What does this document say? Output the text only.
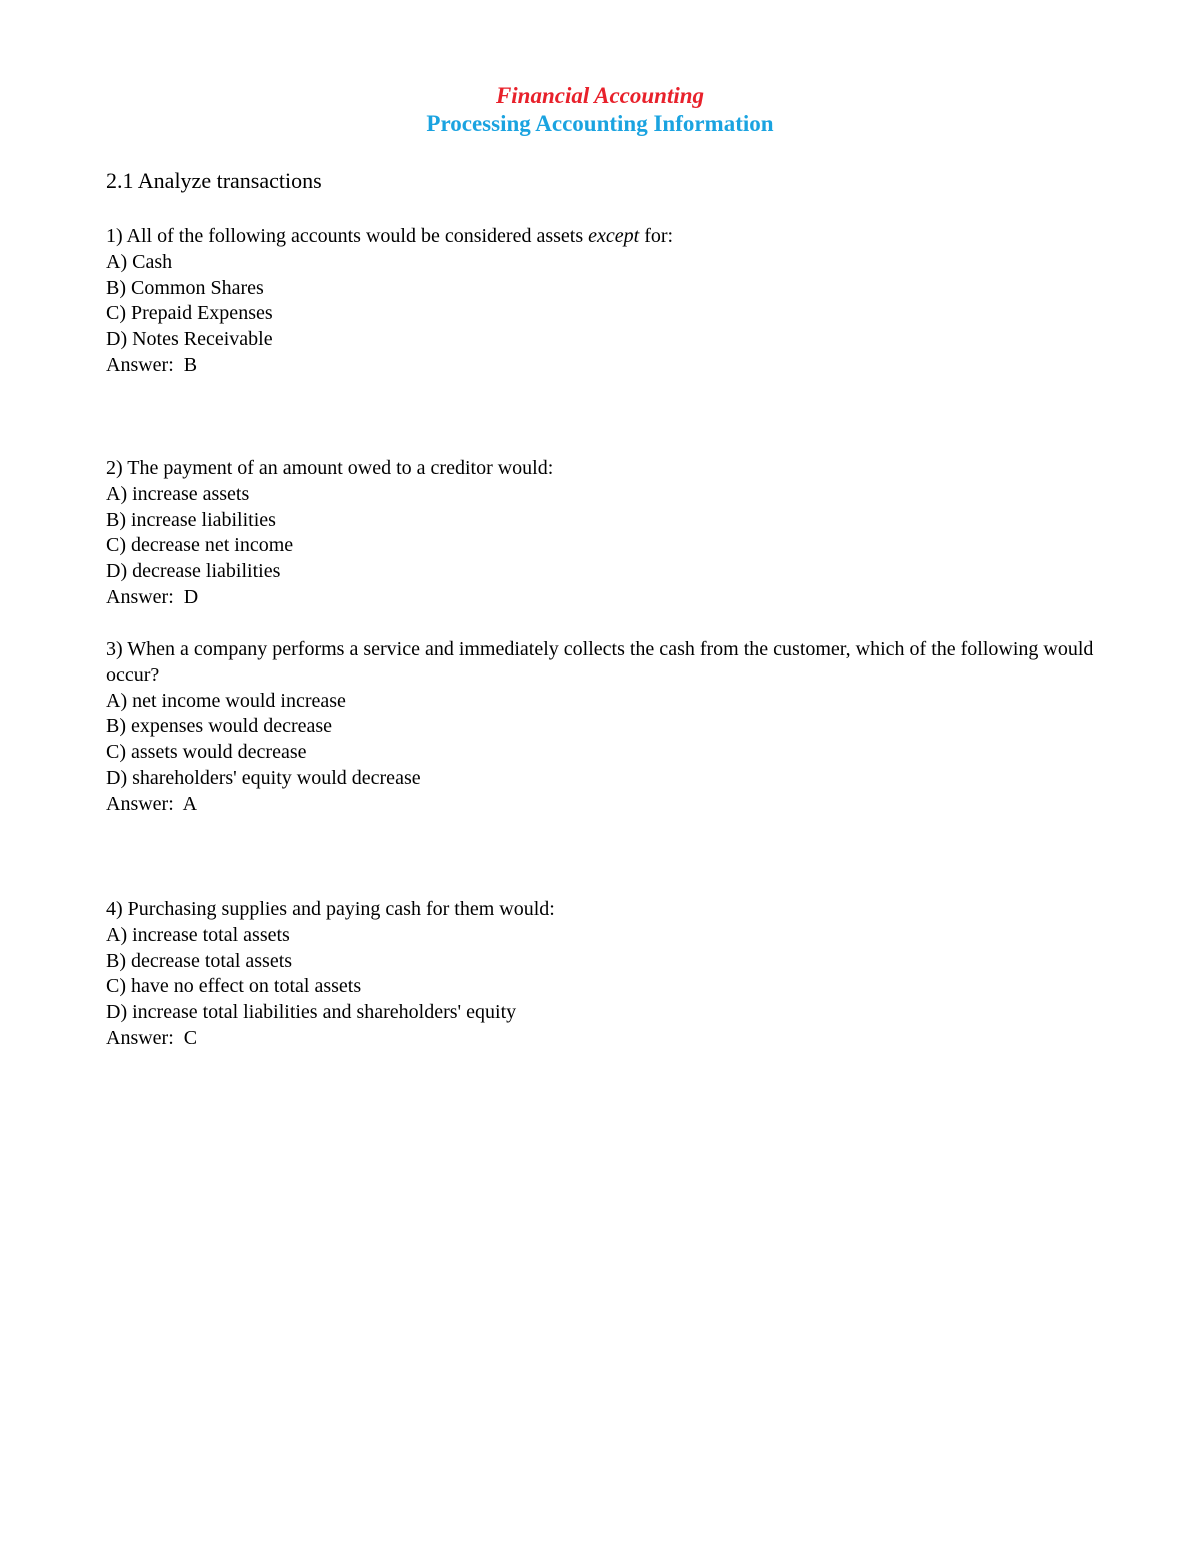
Financial Accounting
Processing Accounting Information
2.1 Analyze transactions
1) All of the following accounts would be considered assets except for:
A) Cash
B) Common Shares
C) Prepaid Expenses
D) Notes Receivable
Answer:  B
2) The payment of an amount owed to a creditor would:
A) increase assets
B) increase liabilities
C) decrease net income
D) decrease liabilities
Answer:  D
3) When a company performs a service and immediately collects the cash from the customer, which of the following would occur?
A) net income would increase
B) expenses would decrease
C) assets would decrease
D) shareholders' equity would decrease
Answer:  A
4) Purchasing supplies and paying cash for them would:
A) increase total assets
B) decrease total assets
C) have no effect on total assets
D) increase total liabilities and shareholders' equity
Answer:  C
